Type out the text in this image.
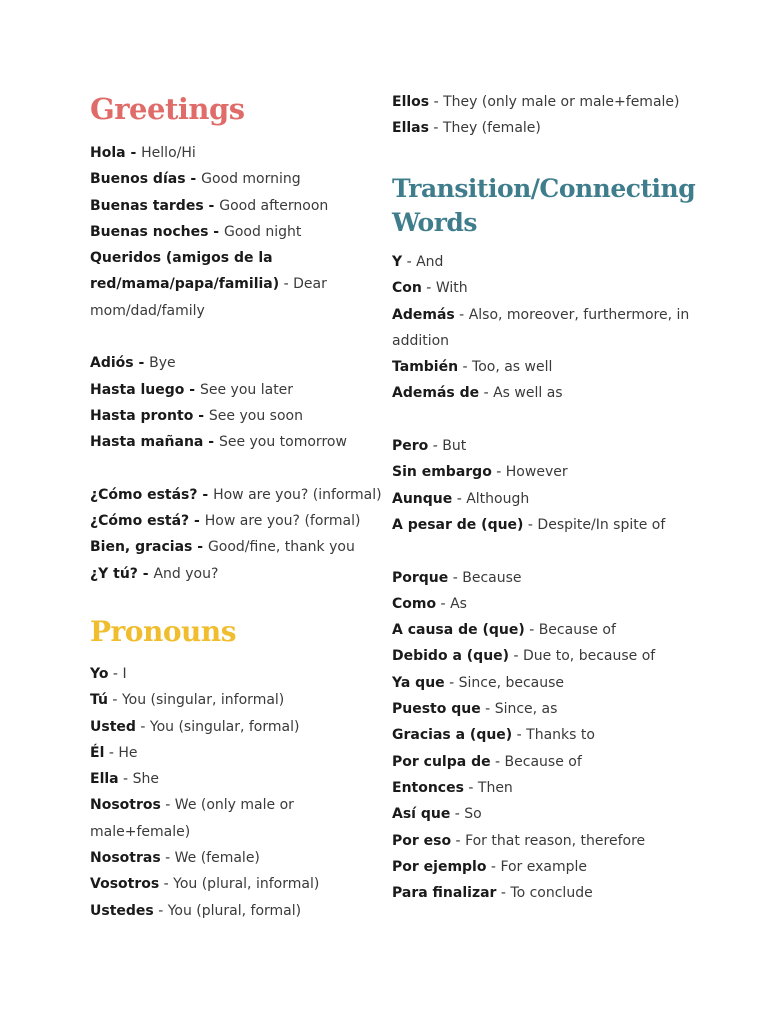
Greetings
Hola - Hello/Hi
Buenos días - Good morning
Buenas tardes - Good afternoon
Buenas noches - Good night
Queridos (amigos de la red/mama/papa/familia) - Dear mom/dad/family
Adiós - Bye
Hasta luego - See you later
Hasta pronto - See you soon
Hasta mañana - See you tomorrow
¿Cómo estás? - How are you? (informal)
¿Cómo está? - How are you? (formal)
Bien, gracias - Good/fine, thank you
¿Y tú? - And you?
Pronouns
Yo - I
Tú - You (singular, informal)
Usted - You (singular, formal)
Él - He
Ella - She
Nosotros - We (only male or male+female)
Nosotras - We (female)
Vosotros - You (plural, informal)
Ustedes - You (plural, formal)
Ellos - They (only male or male+female)
Ellas - They (female)
Transition/Connecting Words
Y - And
Con - With
Además - Also, moreover, furthermore, in addition
También - Too, as well
Además de - As well as
Pero - But
Sin embargo - However
Aunque - Although
A pesar de (que) - Despite/In spite of
Porque - Because
Como - As
A causa de (que) - Because of
Debido a (que) - Due to, because of
Ya que - Since, because
Puesto que - Since, as
Gracias a (que) - Thanks to
Por culpa de - Because of
Entonces - Then
Así que - So
Por eso - For that reason, therefore
Por ejemplo - For example
Para finalizar - To conclude
